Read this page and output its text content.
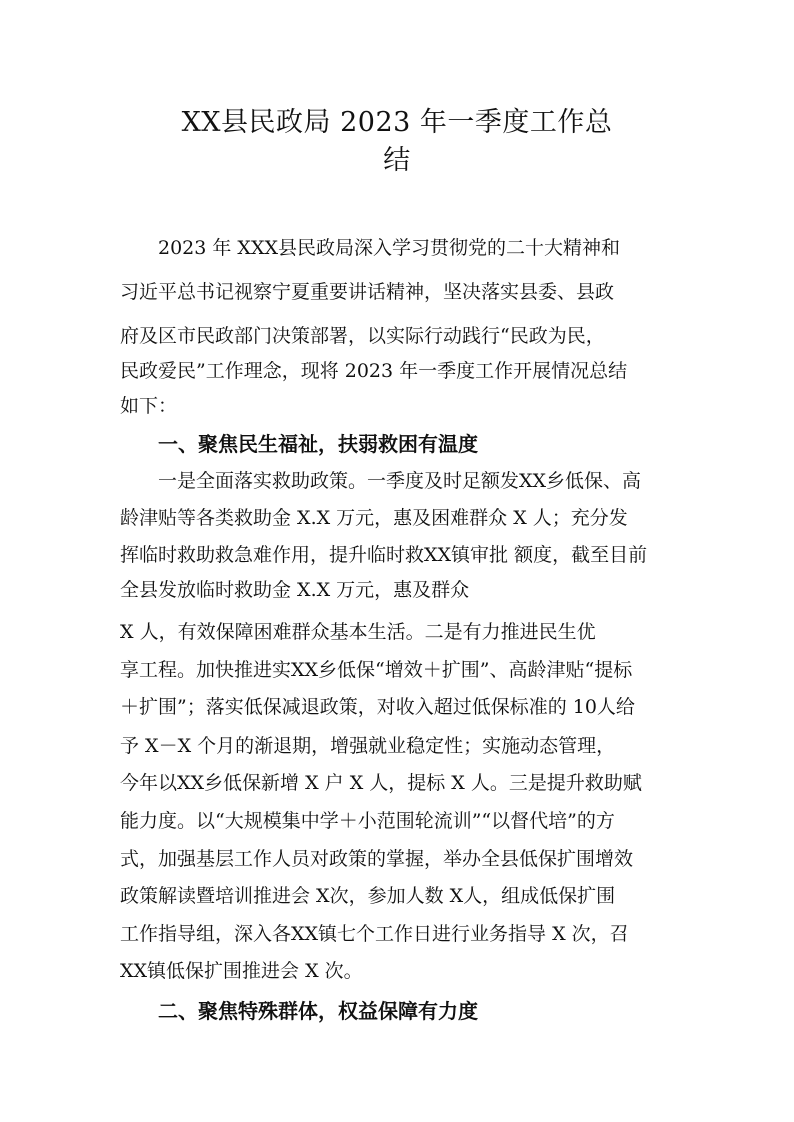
XX县民政局 2023 年一季度工作总
结
2023 年 XXX县民政局深入学习贯彻党的二十大精神和
习近平总书记视察宁夏重要讲话精神，坚决落实县委、县政
府及区市民政部门决策部署，以实际行动践行“民政为民，
民政爱民”工作理念，现将 2023 年一季度工作开展情况总结
如下：
一、聚焦民生福祉，扶弱救困有温度
一是全面落实救助政策。一季度及时足额发XX乡低保、高
龄津贴等各类救助金 X.X 万元，惠及困难群众 X 人；充分发
挥临时救助救急难作用，提升临时救XX镇审批 额度，截至目前
全县发放临时救助金 X.X 万元，惠及群众
X 人，有效保障困难群众基本生活。二是有力推进民生优
享工程。加快推进实XX乡低保“增效＋扩围”、高龄津贴“提标
＋扩围”；落实低保减退政策，对收入超过低保标准的 10人给
予 X－X 个月的渐退期，增强就业稳定性；实施动态管理，
今年以XX乡低保新增 X 户 X 人，提标 X 人。三是提升救助赋
能力度。以“大规模集中学＋小范围轮流训”“以督代培”的方
式，加强基层工作人员对政策的掌握，举办全县低保扩围增效
政策解读暨培训推进会 X次，参加人数 X人，组成低保扩围
工作指导组，深入各XX镇七个工作日进行业务指导 X 次，召
XX镇低保扩围推进会 X 次。
二、聚焦特殊群体，权益保障有力度
